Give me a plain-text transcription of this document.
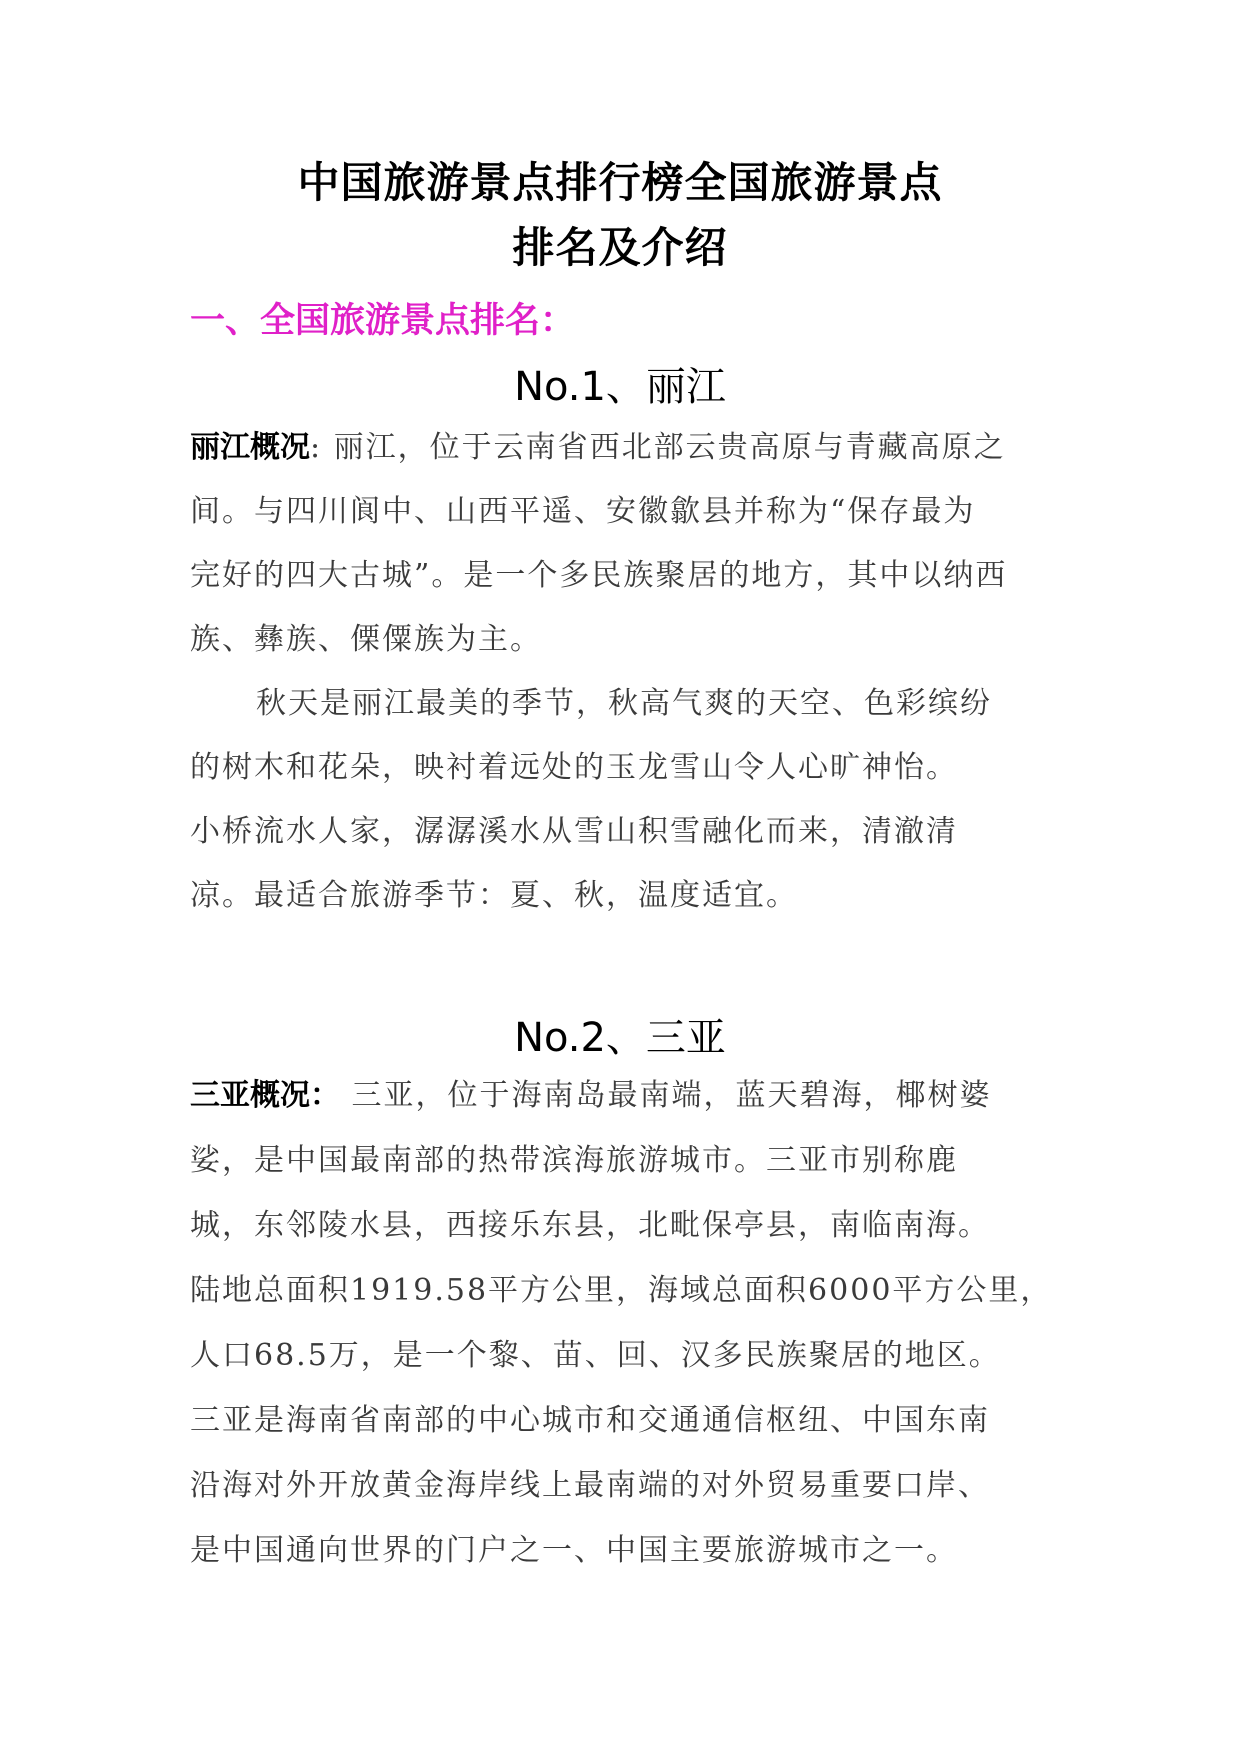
中国旅游景点排行榜全国旅游景点
排名及介绍
一、全国旅游景点排名：
No.1、丽江
丽江概况: 丽江，位于云南省西北部云贵高原与青藏高原之
间。与四川阆中、山西平遥、安徽歙县并称为“保存最为
完好的四大古城”。是一个多民族聚居的地方，其中以纳西
族、彝族、傈僳族为主。
秋天是丽江最美的季节，秋高气爽的天空、色彩缤纷
的树木和花朵，映衬着远处的玉龙雪山令人心旷神怡。
小桥流水人家，潺潺溪水从雪山积雪融化而来，清澈清
凉。最适合旅游季节：夏、秋，温度适宜。
No.2、三亚
三亚概况： 三亚，位于海南岛最南端，蓝天碧海，椰树婆
娑，是中国最南部的热带滨海旅游城市。三亚市别称鹿
城，东邻陵水县，西接乐东县，北毗保亭县，南临南海。
陆地总面积1919.58平方公里，海域总面积6000平方公里，
人口68.5万，是一个黎、苗、回、汉多民族聚居的地区。
三亚是海南省南部的中心城市和交通通信枢纽、中国东南
沿海对外开放黄金海岸线上最南端的对外贸易重要口岸、
是中国通向世界的门户之一、中国主要旅游城市之一。
